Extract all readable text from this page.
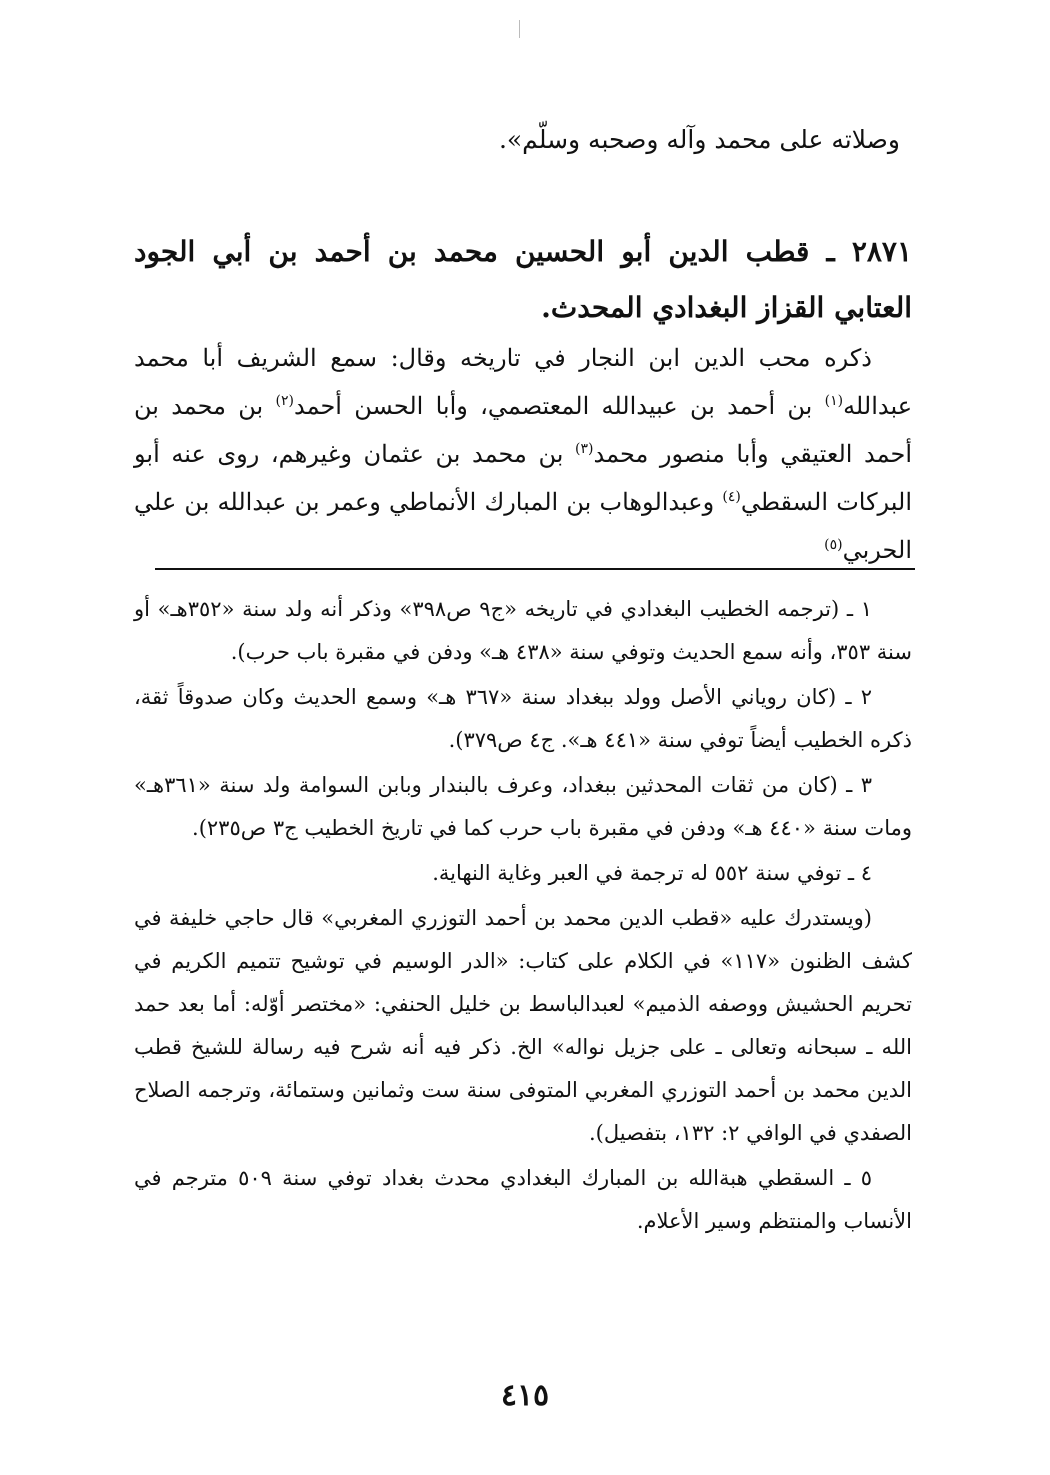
وصلاته على محمد وآله وصحبه وسلّم».
٢٨٧١ ـ قطب الدين أبو الحسين محمد بن أحمد بن أبي الجود العتابي القزاز البغدادي المحدث.
ذكره محب الدين ابن النجار في تاريخه وقال: سمع الشريف أبا محمد عبدالله$^{(١)}$ بن أحمد بن عبيدالله المعتصمي، وأبا الحسن أحمد$^{(٢)}$ بن محمد بن أحمد العتيقي وأبا منصور محمد$^{(٣)}$ بن محمد بن عثمان وغيرهم، روى عنه أبو البركات السقطي$^{(٤)}$ وعبدالوهاب بن المبارك الأنماطي وعمر بن عبدالله بن علي الحربي$^{(٥)}$

١ ـ (ترجمه الخطيب البغدادي في تاريخه «ج٩ ص٣٩٨» وذكر أنه ولد سنة «٣٥٢هـ» أو سنة ٣٥٣، وأنه سمع الحديث وتوفي سنة «٤٣٨ هـ» ودفن في مقبرة باب حرب).

٢ ـ (كان روياني الأصل وولد ببغداد سنة «٣٦٧ هـ» وسمع الحديث وكان صدوقاً ثقة، ذكره الخطيب أيضاً توفي سنة «٤٤١ هـ». ج٤ ص٣٧٩).

٣ ـ (كان من ثقات المحدثين ببغداد، وعرف بالبندار وبابن السوامة ولد سنة «٣٦١هـ» ومات سنة «٤٤٠ هـ» ودفن في مقبرة باب حرب كما في تاريخ الخطيب ج٣ ص٢٣٥).

٤ ـ توفي سنة ٥٥٢ له ترجمة في العبر وغاية النهاية.

(ويستدرك عليه «قطب الدين محمد بن أحمد التوزري المغربي» قال حاجي خليفة في كشف الظنون «١١٧» في الكلام على كتاب: «الدر الوسيم في توشيح تتميم الكريم في تحريم الحشيش ووصفه الذميم» لعبدالباسط بن خليل الحنفي: «مختصر أوّله: أما بعد حمد الله ـ سبحانه وتعالى ـ على جزيل نواله» الخ. ذكر فيه أنه شرح فيه رسالة للشيخ قطب الدين محمد بن أحمد التوزري المغربي المتوفى سنة ست وثمانين وستمائة، وترجمه الصلاح الصفدي في الوافي ٢: ١٣٢، بتفصيل).

٥ ـ السقطي هبةالله بن المبارك البغدادي محدث بغداد توفي سنة ٥٠٩ مترجم في الأنساب والمنتظم وسير الأعلام.

٤١٥
